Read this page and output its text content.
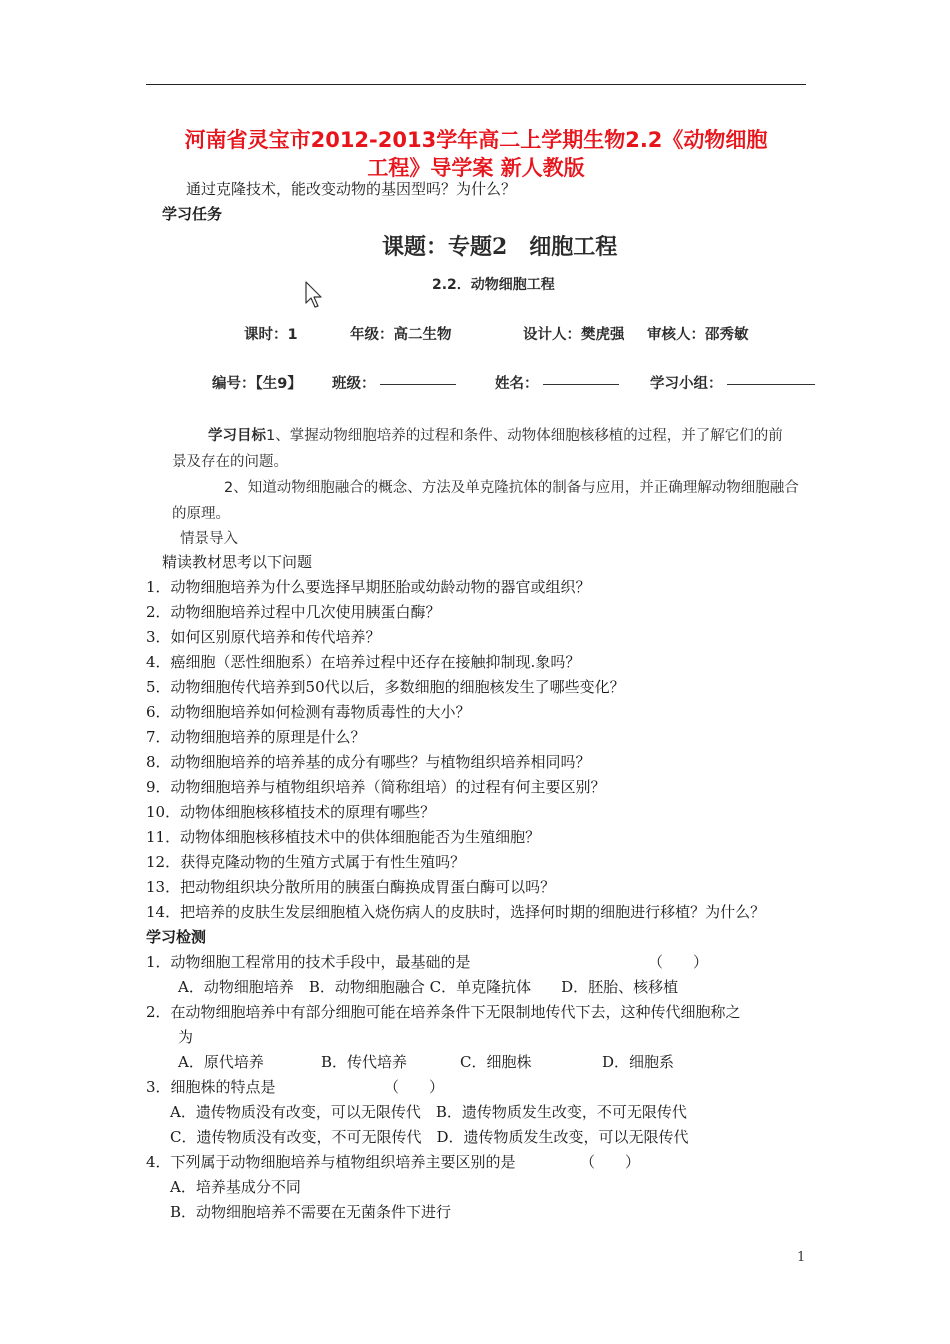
河南省灵宝市2012-2013学年高二上学期生物2.2《动物细胞
工程》导学案 新人教版
通过克隆技术，能改变动物的基因型吗？为什么？
学习任务
课题：专题2　细胞工程
2.2．动物细胞工程
课时：1	年级：高二生物	设计人：樊虎强 审核人：邵秀敏
编号：【生9】 班级：	姓名：	学习小组：
学习目标1、掌握动物细胞培养的过程和条件、动物体细胞核移植的过程，并了解它们的前
景及存在的问题。
2、知道动物细胞融合的概念、方法及单克隆抗体的制备与应用，并正确理解动物细胞融合
的原理。
情景导入
精读教材思考以下问题
1．动物细胞培养为什么要选择早期胚胎或幼龄动物的器官或组织？
2．动物细胞培养过程中几次使用胰蛋白酶？
3．如何区别原代培养和传代培养？
4．癌细胞（恶性细胞系）在培养过程中还存在接触抑制现.象吗？
5．动物细胞传代培养到50代以后，多数细胞的细胞核发生了哪些变化？
6．动物细胞培养如何检测有毒物质毒性的大小？
7．动物细胞培养的原理是什么？
8．动物细胞培养的培养基的成分有哪些？与植物组织培养相同吗？
9．动物细胞培养与植物组织培养（简称组培）的过程有何主要区别？
10．动物体细胞核移植技术的原理有哪些？
11．动物体细胞核移植技术中的供体细胞能否为生殖细胞？
12．获得克隆动物的生殖方式属于有性生殖吗？
13．把动物组织块分散所用的胰蛋白酶换成胃蛋白酶可以吗？
14．把培养的皮肤生发层细胞植入烧伤病人的皮肤时，选择何时期的细胞进行移植？为什么？
学习检测
1．动物细胞工程常用的技术手段中，最基础的是	（　　）
A．动物细胞培养　B．动物细胞融合 C．单克隆抗体　　D．胚胎、核移植
2．在动物细胞培养中有部分细胞可能在培养条件下无限制地传代下去，这种传代细胞称之
为
A．原代培养	B．传代培养	C．细胞株	D．细胞系
3．细胞株的特点是	（　　）
A．遗传物质没有改变，可以无限传代　B．遗传物质发生改变，不可无限传代
C．遗传物质没有改变，不可无限传代　D．遗传物质发生改变，可以无限传代
4．下列属于动物细胞培养与植物组织培养主要区别的是	（　　）
A．培养基成分不同
B．动物细胞培养不需要在无菌条件下进行
1
